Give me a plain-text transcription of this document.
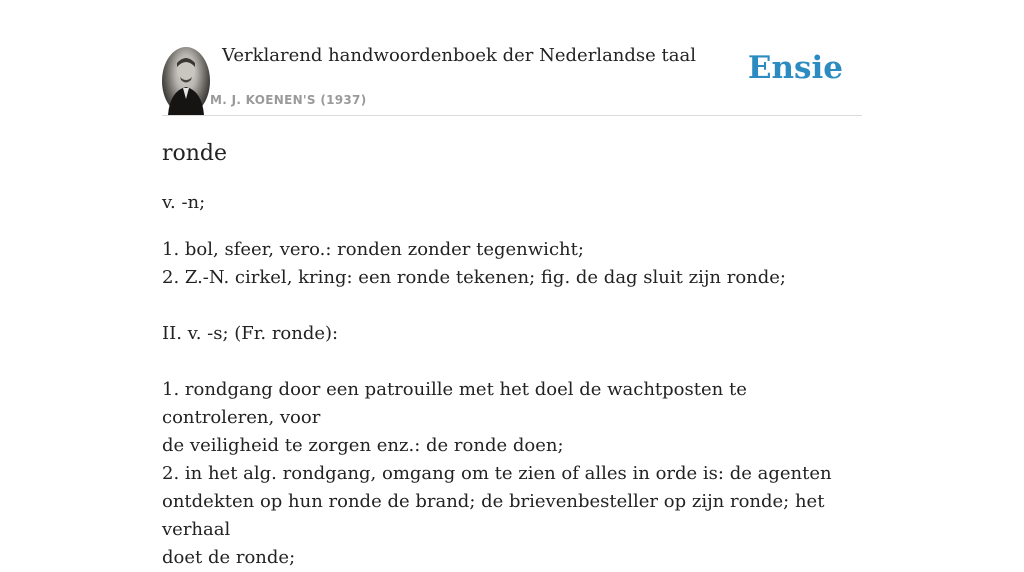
Verklarend handwoordenboek der Nederlandse taal
M. J. KOENEN'S (1937)
Ensie
ronde

v. -n;

1. bol, sfeer, vero.: ronden zonder tegenwicht;

2. Z.-N. cirkel, kring: een ronde tekenen; fig. de dag sluit zijn ronde;

II. v. -s; (Fr. ronde):

1. rondgang door een patrouille met het doel de wachtposten te controleren, voor

de veiligheid te zorgen enz.: de ronde doen;

2. in het alg. rondgang, omgang om te zien of alles in orde is: de agenten

ontdekten op hun ronde de brand; de brievenbesteller op zijn ronde; het verhaal

doet de ronde;
